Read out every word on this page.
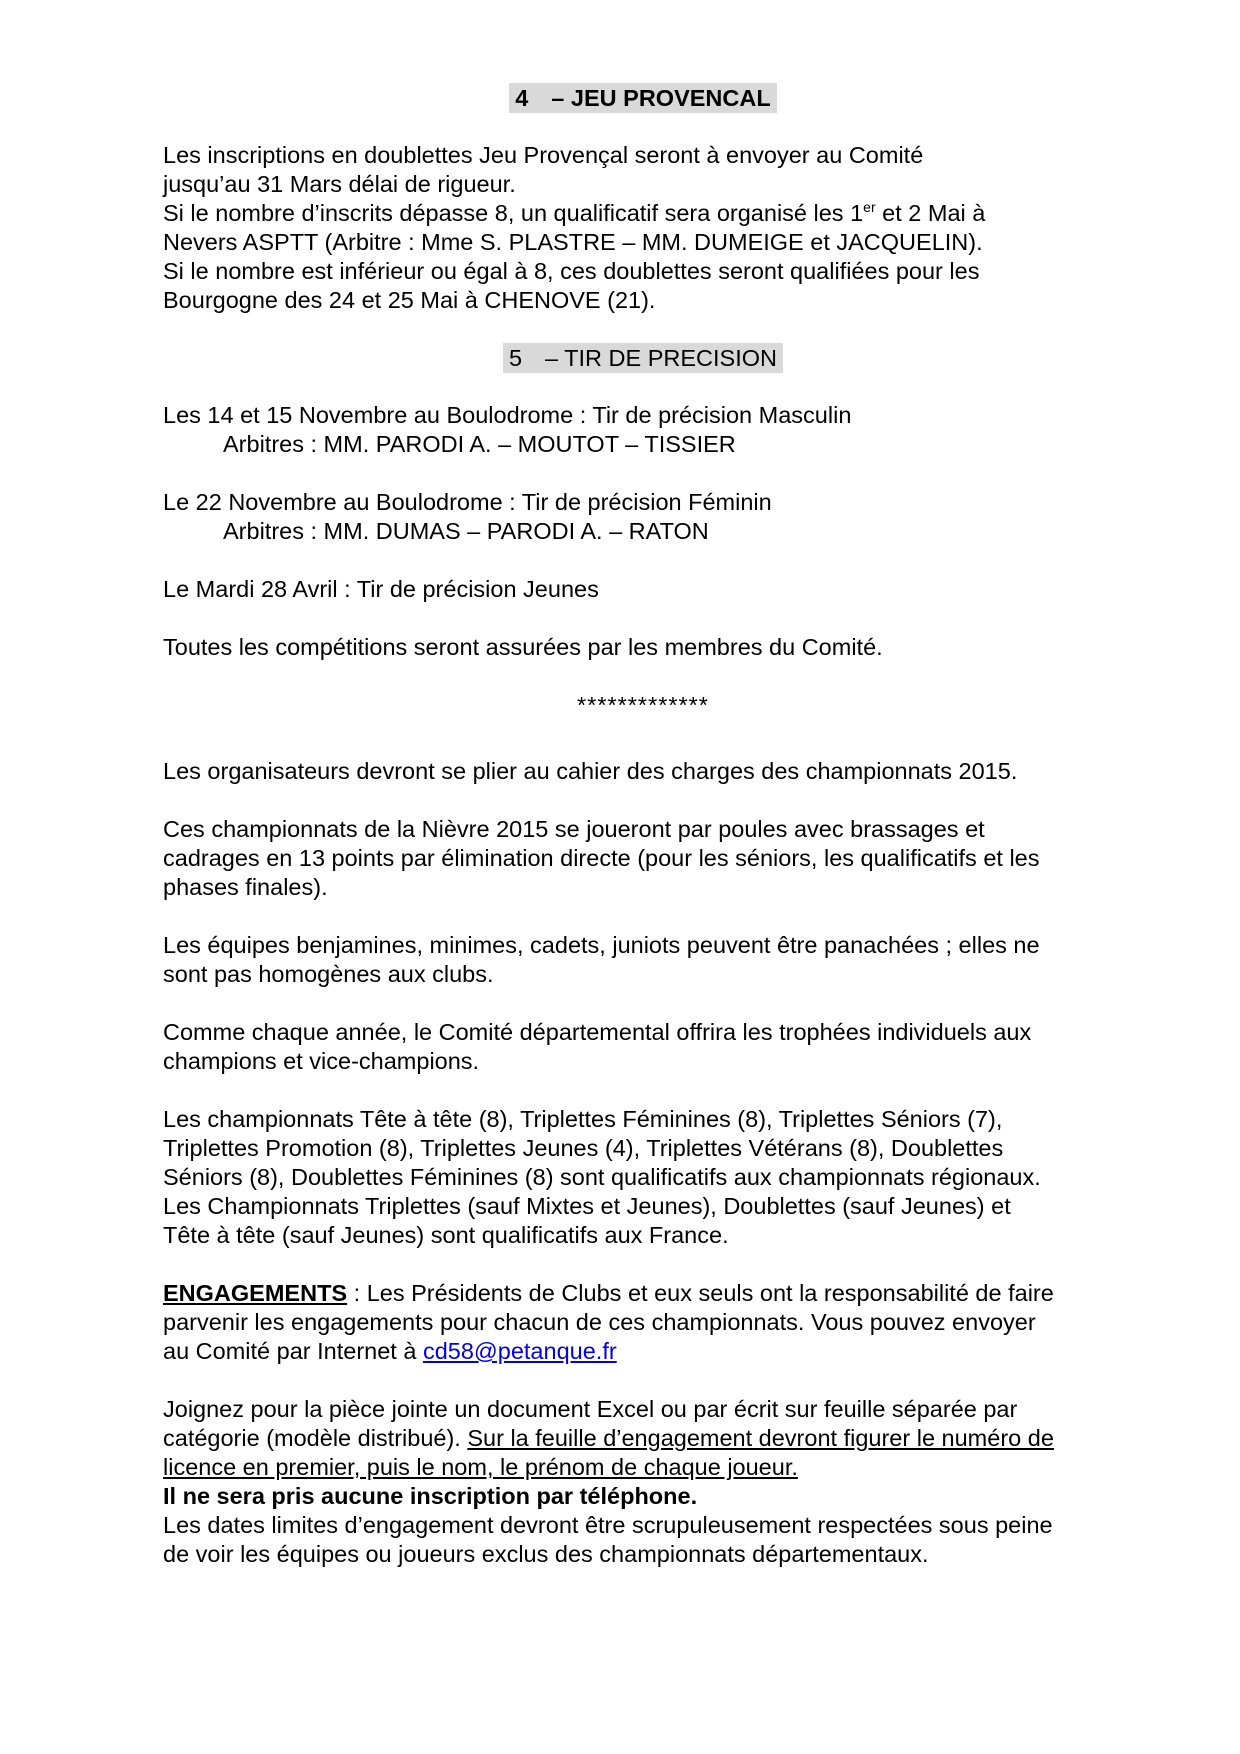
4 – JEU PROVENCAL

Les inscriptions en doublettes Jeu Provençal seront à envoyer au Comité

jusqu’au 31 Mars délai de rigueur.

Si le nombre d’inscrits dépasse 8, un qualificatif sera organisé les 1er et 2 Mai à

Nevers ASPTT (Arbitre : Mme S. PLASTRE – MM. DUMEIGE et JACQUELIN).

Si le nombre est inférieur ou égal à 8, ces doublettes seront qualifiées pour les

Bourgogne des 24 et 25 Mai à CHENOVE (21).

5 – TIR DE PRECISION

Les 14 et 15 Novembre au Boulodrome : Tir de précision Masculin

Arbitres : MM. PARODI A. – MOUTOT – TISSIER

Le 22 Novembre au Boulodrome : Tir de précision Féminin

Arbitres : MM. DUMAS – PARODI A. – RATON

Le Mardi 28 Avril : Tir de précision Jeunes

Toutes les compétitions seront assurées par les membres du Comité.

*************

Les organisateurs devront se plier au cahier des charges des championnats 2015.

Ces championnats de la Nièvre 2015 se joueront par poules avec brassages et

cadrages en 13 points par élimination directe (pour les séniors, les qualificatifs et les

phases finales).

Les équipes benjamines, minimes, cadets, juniots peuvent être panachées ; elles ne

sont pas homogènes aux clubs.

Comme chaque année, le Comité départemental offrira les trophées individuels aux

champions et vice-champions.

Les championnats Tête à tête (8), Triplettes Féminines (8), Triplettes Séniors (7),

Triplettes Promotion (8), Triplettes Jeunes (4), Triplettes Vétérans (8), Doublettes

Séniors (8), Doublettes Féminines (8) sont qualificatifs aux championnats régionaux.

Les Championnats Triplettes (sauf Mixtes et Jeunes), Doublettes (sauf Jeunes) et

Tête à tête (sauf Jeunes) sont qualificatifs aux France.

ENGAGEMENTS : Les Présidents de Clubs et eux seuls ont la responsabilité de faire

parvenir les engagements pour chacun de ces championnats. Vous pouvez envoyer

au Comité par Internet à cd58@petanque.fr

Joignez pour la pièce jointe un document Excel ou par écrit sur feuille séparée par

catégorie (modèle distribué). Sur la feuille d’engagement devront figurer le numéro de

licence en premier, puis le nom, le prénom de chaque joueur.

Il ne sera pris aucune inscription par téléphone.

Les dates limites d’engagement devront être scrupuleusement respectées sous peine

de voir les équipes ou joueurs exclus des championnats départementaux.
